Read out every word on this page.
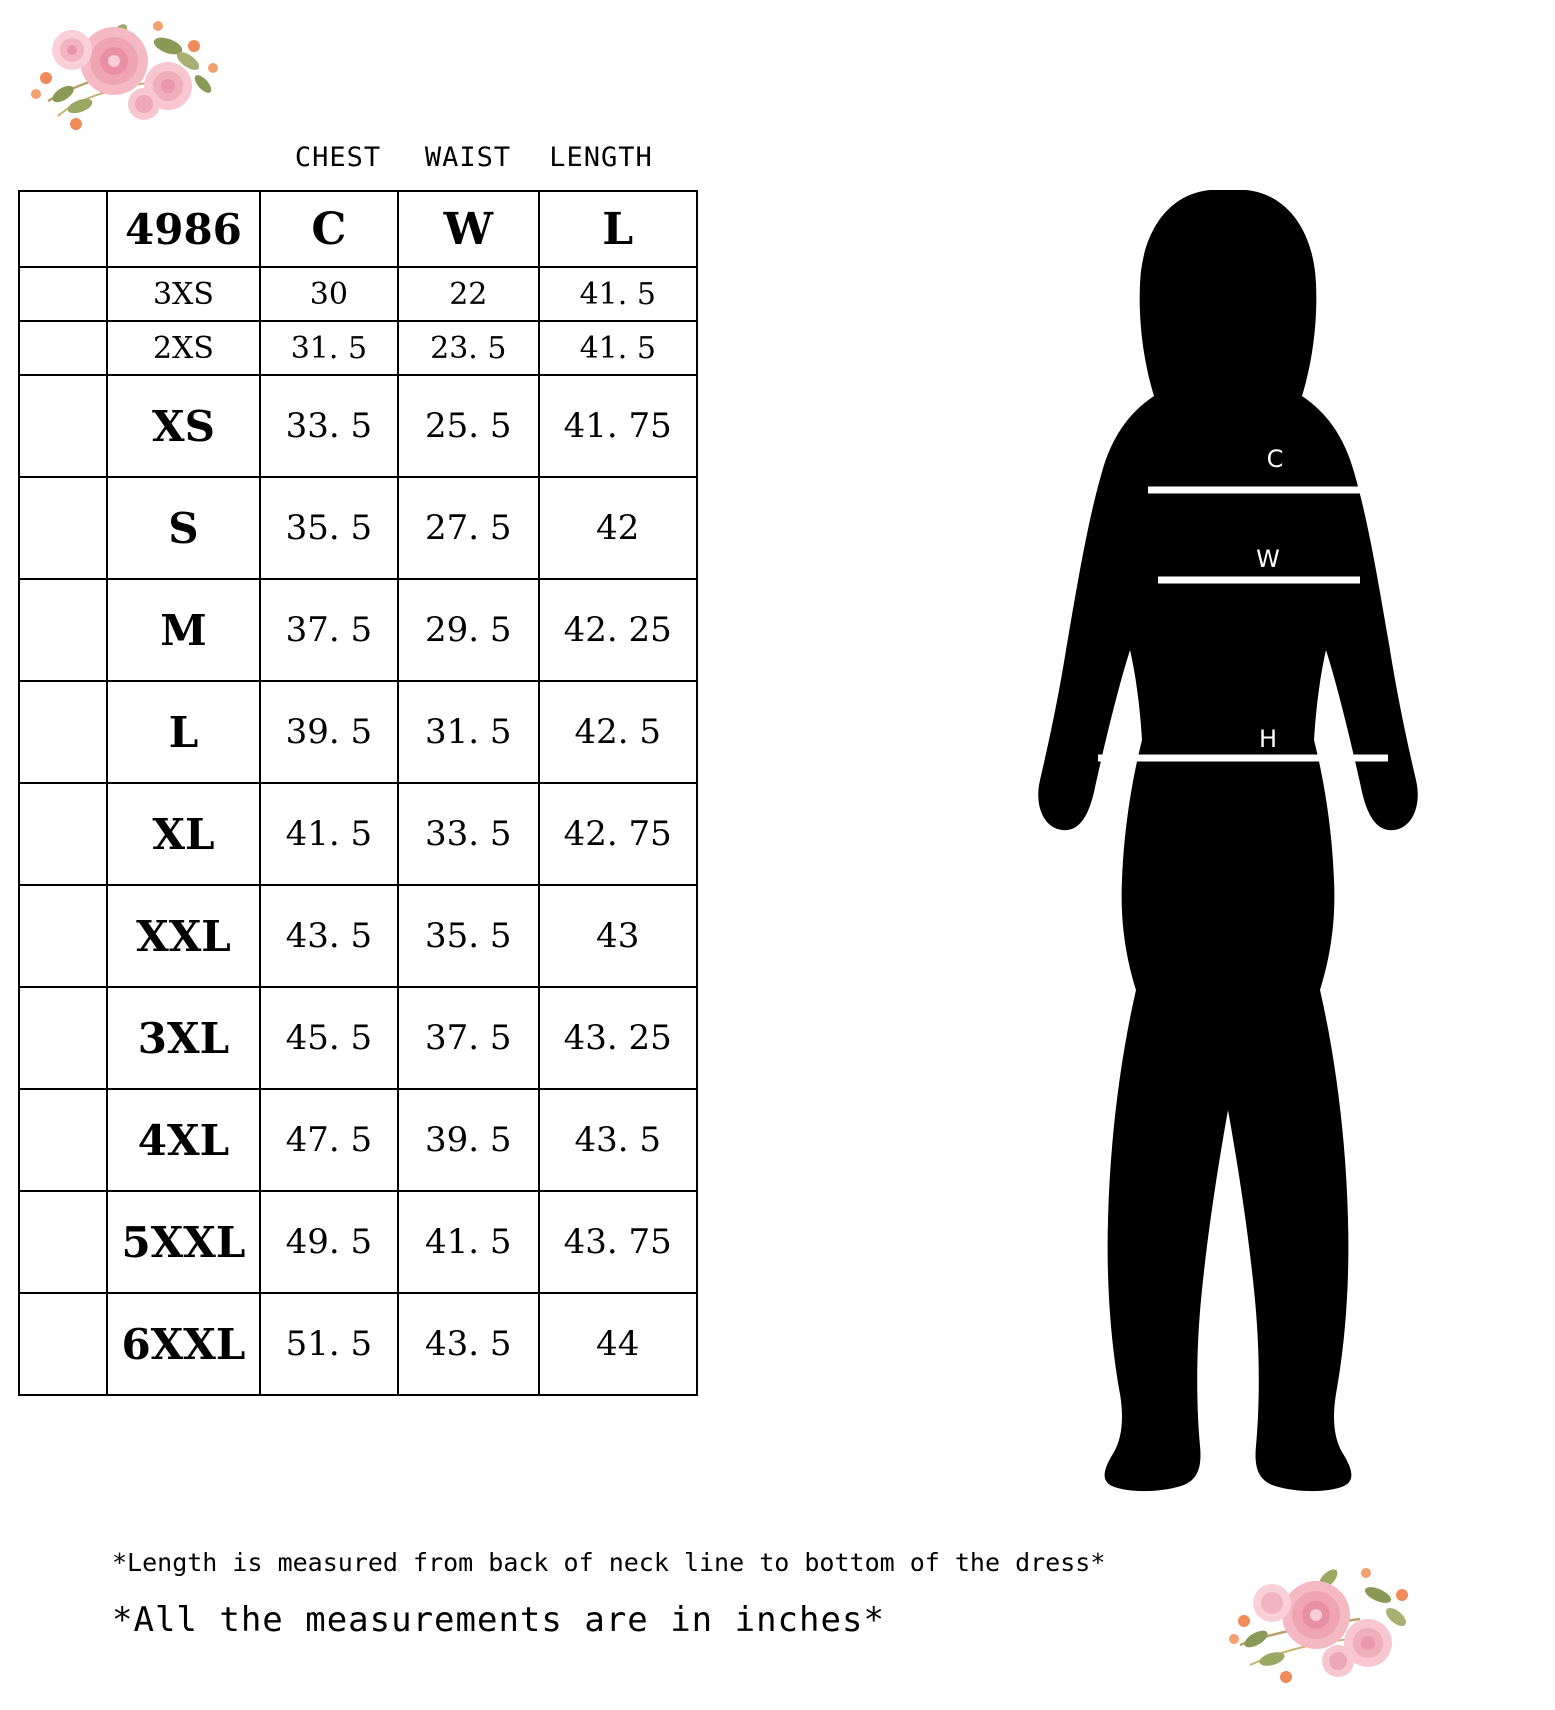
CHEST WAIST	LENGTH
	4986	C	W	L
	3XS	30	22	41. 5
	2XS	31. 5	23. 5	41. 5
	XS	33. 5	25. 5	41. 75
	S	35. 5	27. 5	42
	M	37. 5	29. 5	42. 25
	L	39. 5	31. 5	42. 5
	XL	41. 5	33. 5	42. 75
	XXL	43. 5	35. 5	43
	3XL	45. 5	37. 5	43. 25
	4XL	47. 5	39. 5	43. 5
	5XXL	49. 5	41. 5	43. 75
	6XXL	51. 5	43. 5	44
*Length is measured from back of neck line to bottom of the dress*
*All the measurements are in inches*
C
W
H
